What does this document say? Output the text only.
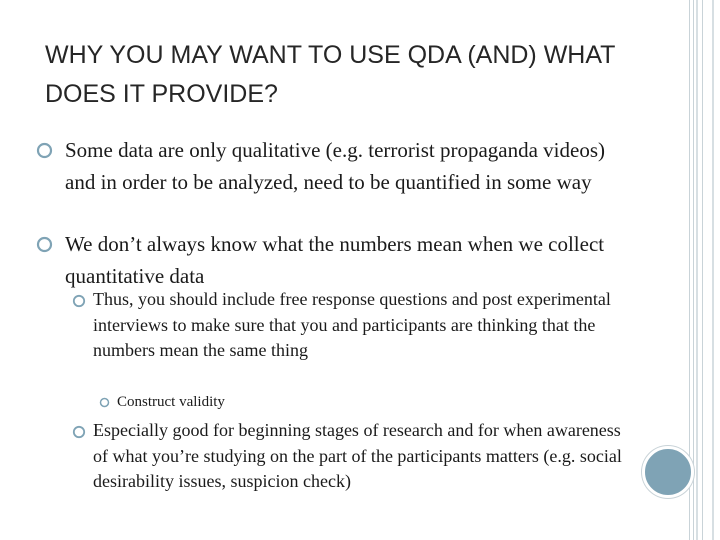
WHY YOU MAY WANT TO USE QDA (AND) WHAT DOES IT PROVIDE?
Some data are only qualitative (e.g. terrorist propaganda videos) and in order to be analyzed, need to be quantified in some way
We don’t always know what the numbers mean when we collect quantitative data
Thus, you should include free response questions and post experimental interviews to make sure that you and participants are thinking that the numbers mean the same thing
Construct validity
Especially good for beginning stages of research and for when awareness of what you’re studying on the part of the participants matters (e.g. social desirability issues, suspicion check)
